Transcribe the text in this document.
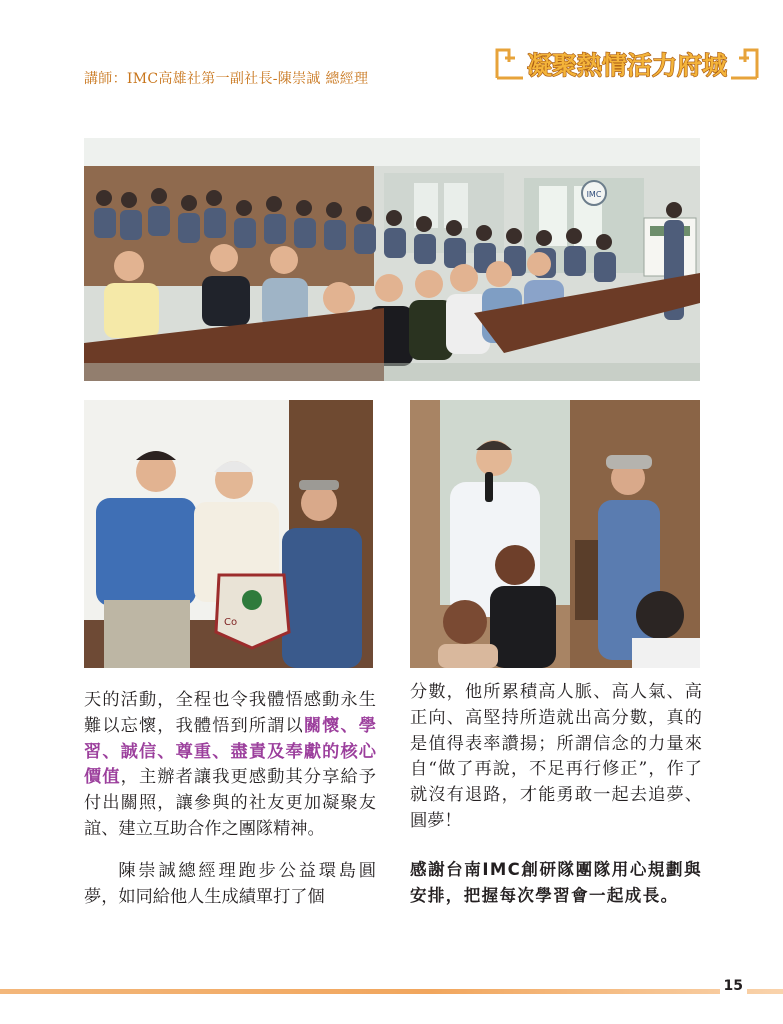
講師：IMC高雄社第一副社長-陳崇誠 總經理	凝聚熱情活力府城
IMC
Co

天的活動，全程也令我體悟感動永生難以忘懷，我體悟到所謂以關懷、學習、誠信、尊重、盡責及奉獻的核心價值，主辦者讓我更感動其分享給予付出關照，讓參與的社友更加凝聚友誼、建立互助合作之團隊精神。

陳崇誠總經理跑步公益環島圓夢，如同給他人生成績單打了個

分數，他所累積高人脈、高人氣、高正向、高堅持所造就出高分數，真的是值得表率讚揚；所謂信念的力量來自“做了再說，不足再行修正”，作了就沒有退路，才能勇敢一起去追夢、圓夢！

感謝台南IMC創研隊團隊用心規劃與安排，把握每次學習會一起成長。

15
